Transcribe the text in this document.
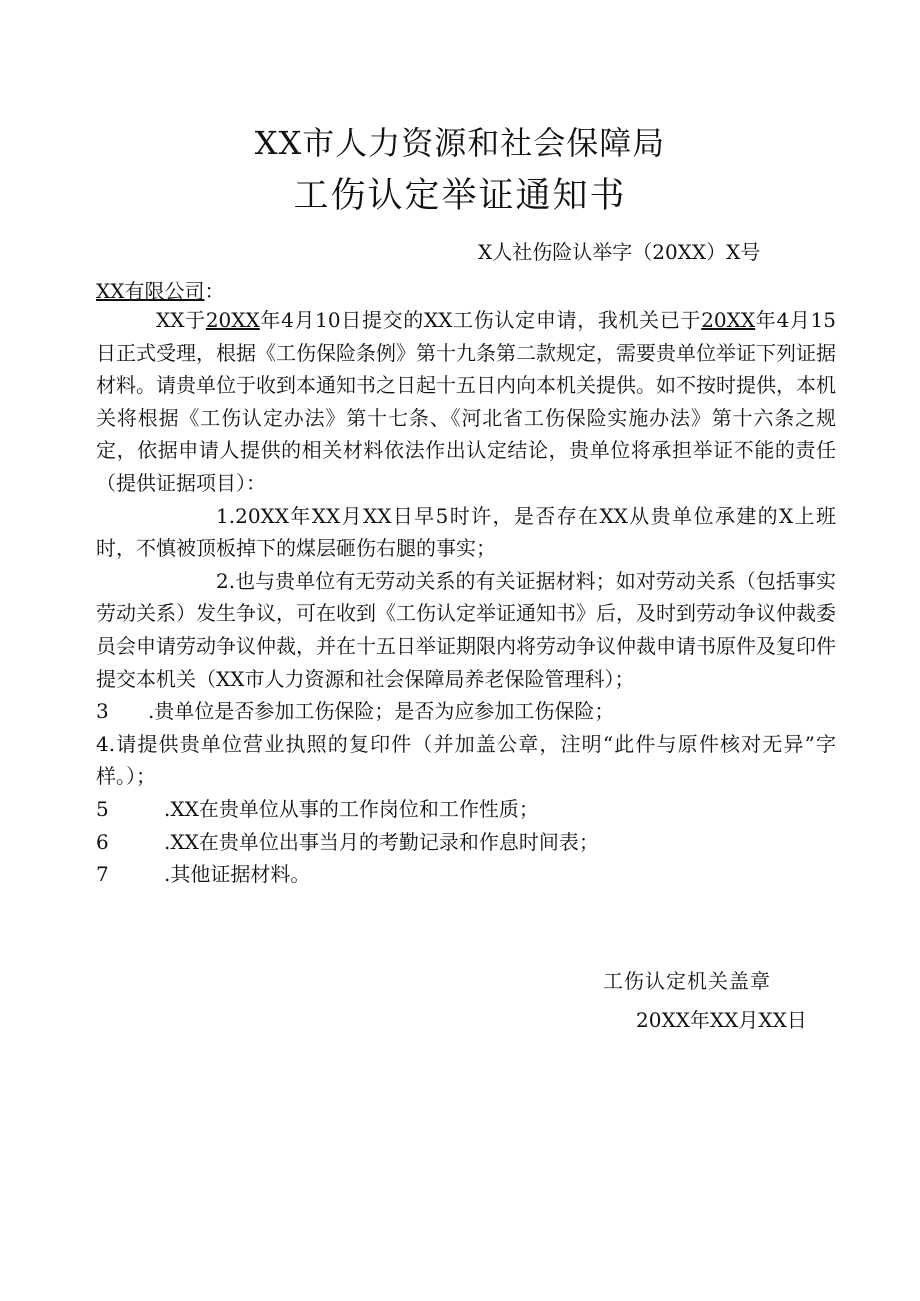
XX市人力资源和社会保障局
工伤认定举证通知书
X人社伤险认举字（20XX）X号
XX有限公司：

XX于20XX年4月10日提交的XX工伤认定申请，我机关已于20XX年4月15日正式受理，根据《工伤保险条例》第十九条第二款规定，需要贵单位举证下列证据材料。请贵单位于收到本通知书之日起十五日内向本机关提供。如不按时提供，本机关将根据《工伤认定办法》第十七条、《河北省工伤保险实施办法》第十六条之规定，依据申请人提供的相关材料依法作出认定结论，贵单位将承担举证不能的责任（提供证据项目）：

1.20XX年XX月XX日早5时许，是否存在XX从贵单位承建的X上班时，不慎被顶板掉下的煤层砸伤右腿的事实；

2.也与贵单位有无劳动关系的有关证据材料；如对劳动关系（包括事实劳动关系）发生争议，可在收到《工伤认定举证通知书》后，及时到劳动争议仲裁委员会申请劳动争议仲裁，并在十五日举证期限内将劳动争议仲裁申请书原件及复印件提交本机关（XX市人力资源和社会保障局养老保险管理科）；

3 .贵单位是否参加工伤保险；是否为应参加工伤保险；

4.请提供贵单位营业执照的复印件（并加盖公章，注明“此件与原件核对无异”字样。）；

5	.XX在贵单位从事的工作岗位和工作性质；

6	.XX在贵单位出事当月的考勤记录和作息时间表；

7	.其他证据材料。

工伤认定机关盖章
20XX年XX月XX日
